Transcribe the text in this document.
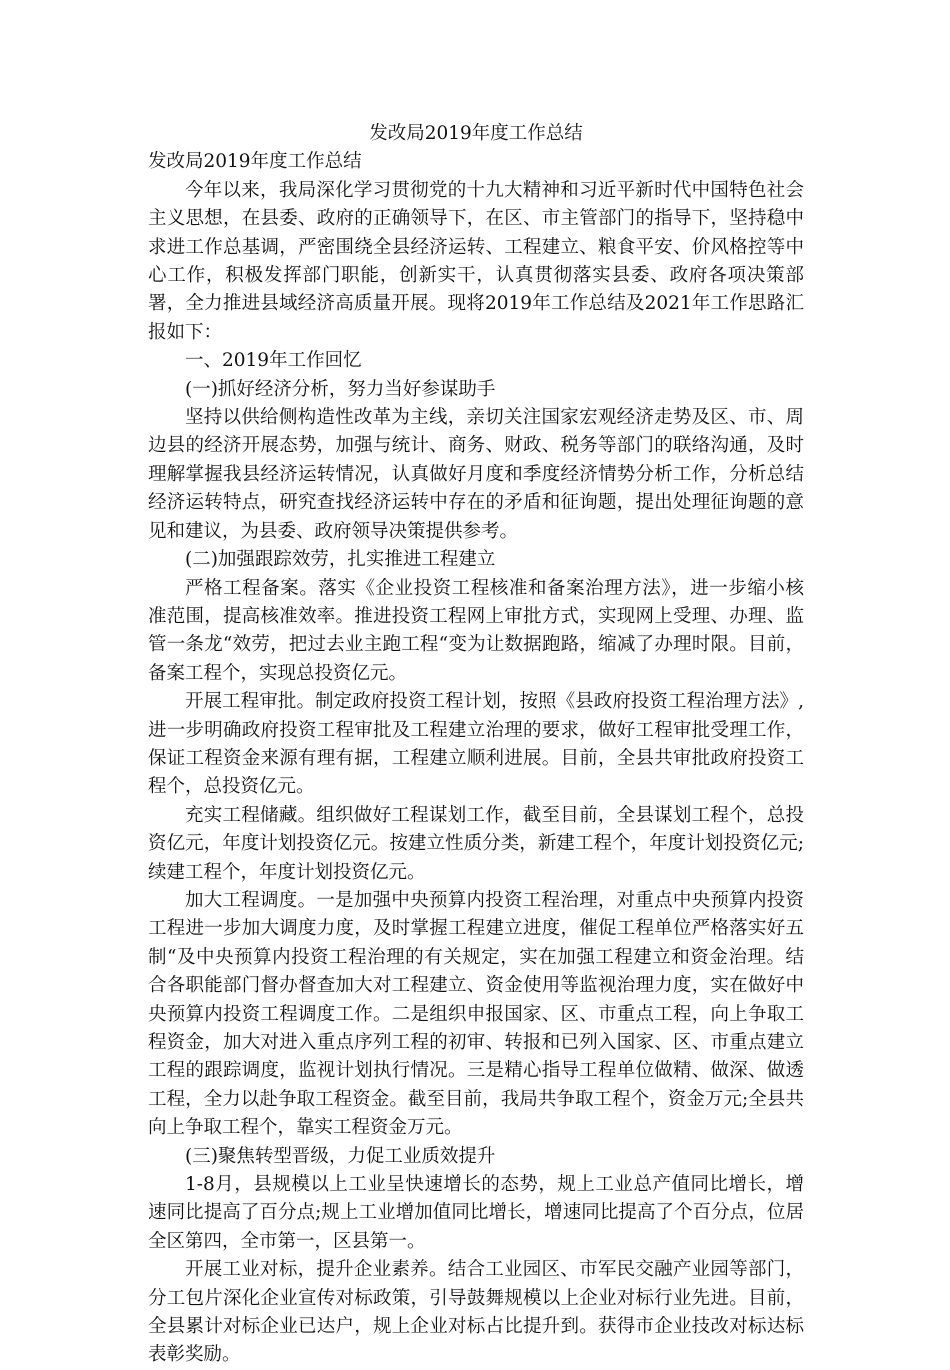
发改局2019年度工作总结

发改局2019年度工作总结

今年以来，我局深化学习贯彻党的十九大精神和习近平新时代中国特色社会主义思想，在县委、政府的正确领导下，在区、市主管部门的指导下，坚持稳中求进工作总基调，严密围绕全县经济运转、工程建立、粮食平安、价风格控等中心工作，积极发挥部门职能，创新实干，认真贯彻落实县委、政府各项决策部署，全力推进县域经济高质量开展。现将2019年工作总结及2021年工作思路汇报如下：

一、2019年工作回忆

(一)抓好经济分析，努力当好参谋助手

坚持以供给侧构造性改革为主线，亲切关注国家宏观经济走势及区、市、周边县的经济开展态势，加强与统计、商务、财政、税务等部门的联络沟通，及时理解掌握我县经济运转情况，认真做好月度和季度经济情势分析工作，分析总结经济运转特点，研究查找经济运转中存在的矛盾和征询题，提出处理征询题的意见和建议，为县委、政府领导决策提供参考。

(二)加强跟踪效劳，扎实推进工程建立

严格工程备案。落实《企业投资工程核准和备案治理方法》，进一步缩小核准范围，提高核准效率。推进投资工程网上审批方式，实现网上受理、办理、监管一条龙“效劳，把过去业主跑工程“变为让数据跑路，缩减了办理时限。目前，备案工程个，实现总投资亿元。

开展工程审批。制定政府投资工程计划，按照《县政府投资工程治理方法》,进一步明确政府投资工程审批及工程建立治理的要求，做好工程审批受理工作，保证工程资金来源有理有据，工程建立顺利进展。目前，全县共审批政府投资工程个，总投资亿元。

充实工程储藏。组织做好工程谋划工作，截至目前，全县谋划工程个，总投资亿元，年度计划投资亿元。按建立性质分类，新建工程个，年度计划投资亿元;续建工程个，年度计划投资亿元。

加大工程调度。一是加强中央预算内投资工程治理，对重点中央预算内投资工程进一步加大调度力度，及时掌握工程建立进度，催促工程单位严格落实好五制“及中央预算内投资工程治理的有关规定，实在加强工程建立和资金治理。结合各职能部门督办督查加大对工程建立、资金使用等监视治理力度，实在做好中央预算内投资工程调度工作。二是组织申报国家、区、市重点工程，向上争取工程资金，加大对进入重点序列工程的初审、转报和已列入国家、区、市重点建立工程的跟踪调度，监视计划执行情况。三是精心指导工程单位做精、做深、做透工程，全力以赴争取工程资金。截至目前，我局共争取工程个，资金万元;全县共向上争取工程个，靠实工程资金万元。

(三)聚焦转型晋级，力促工业质效提升

1-8月，县规模以上工业呈快速增长的态势，规上工业总产值同比增长，增速同比提高了百分点;规上工业增加值同比增长，增速同比提高了个百分点，位居全区第四，全市第一，区县第一。

开展工业对标，提升企业素养。结合工业园区、市军民交融产业园等部门，分工包片深化企业宣传对标政策，引导鼓舞规模以上企业对标行业先进。目前，全县累计对标企业已达户，规上企业对标占比提升到。获得市企业技改对标达标表彰奖励。
